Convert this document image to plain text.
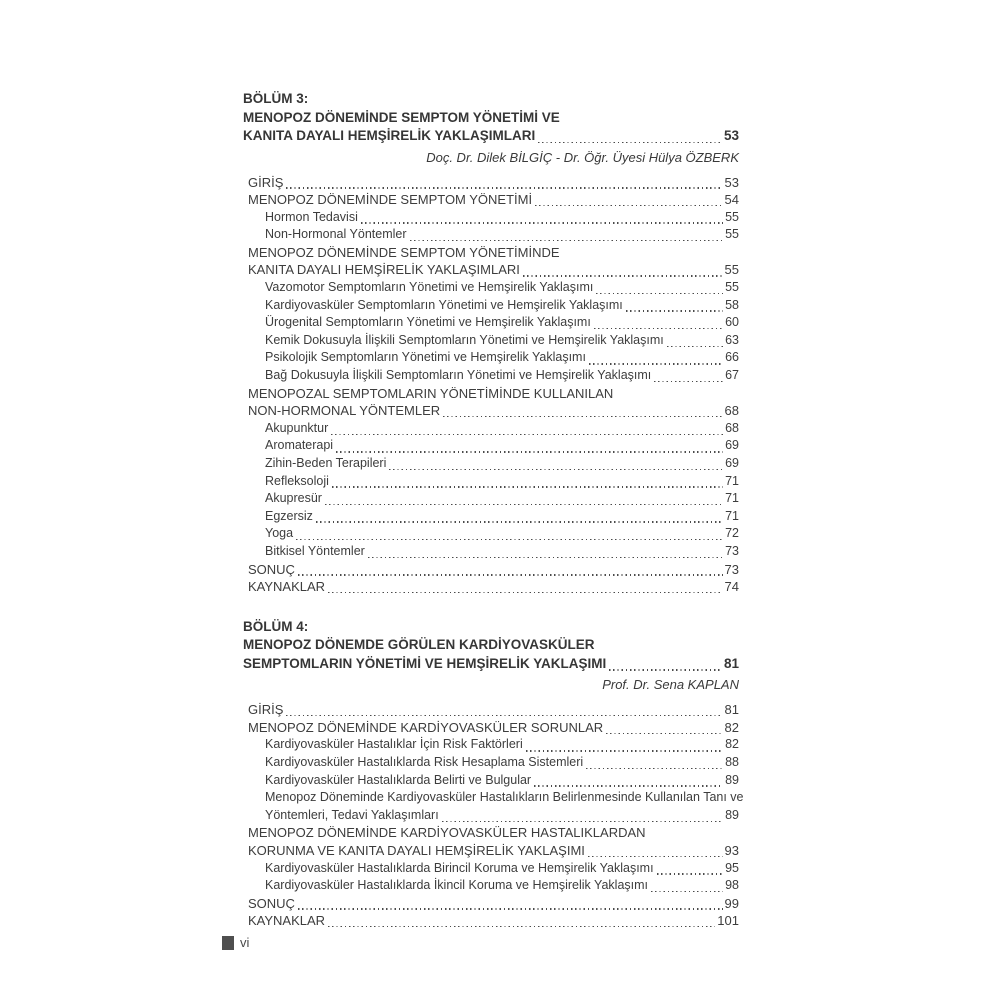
BÖLÜM 3:
MENOPOZ DÖNEMİNDE SEMPTOM YÖNETİMİ VE
KANITA DAYALI HEMŞİRELİK YAKLAŞIMLARI	53
Doç. Dr. Dilek BİLGİÇ - Dr. Öğr. Üyesi Hülya ÖZBERK
GİRİŞ	53
MENOPOZ DÖNEMİNDE SEMPTOM YÖNETİMİ	54
Hormon Tedavisi	55
Non-Hormonal Yöntemler	55
MENOPOZ DÖNEMİNDE SEMPTOM YÖNETİMİNDE
KANITA DAYALI HEMŞİRELİK YAKLAŞIMLARI	55
Vazomotor Semptomların Yönetimi ve Hemşirelik Yaklaşımı	55
Kardiyovasküler Semptomların Yönetimi ve Hemşirelik Yaklaşımı	58
Ürogenital Semptomların Yönetimi ve Hemşirelik Yaklaşımı	60
Kemik Dokusuyla İlişkili Semptomların Yönetimi ve Hemşirelik Yaklaşımı	63
Psikolojik Semptomların Yönetimi ve Hemşirelik Yaklaşımı	66
Bağ Dokusuyla İlişkili Semptomların Yönetimi ve Hemşirelik Yaklaşımı	67
MENOPOZAL SEMPTOMLARIN YÖNETİMİNDE KULLANILAN
NON-HORMONAL YÖNTEMLER	68
Akupunktur	68
Aromaterapi	69
Zihin-Beden Terapileri	69
Refleksoloji	71
Akupresür	71
Egzersiz	71
Yoga	72
Bitkisel Yöntemler	73
SONUÇ	73
KAYNAKLAR	74
BÖLÜM 4:
MENOPOZ DÖNEMDE GÖRÜLEN KARDİYOVASKÜLER
SEMPTOMLARIN YÖNETİMİ VE HEMŞİRELİK YAKLAŞIMI	81
Prof. Dr. Sena KAPLAN
GİRİŞ	81
MENOPOZ DÖNEMİNDE KARDİYOVASKÜLER SORUNLAR	82
Kardiyovasküler Hastalıklar İçin Risk Faktörleri	82
Kardiyovasküler Hastalıklarda Risk Hesaplama Sistemleri	88
Kardiyovasküler Hastalıklarda Belirti ve Bulgular	89
Menopoz Döneminde Kardiyovasküler Hastalıkların Belirlenmesinde Kullanılan Tanı ve
Yöntemleri, Tedavi Yaklaşımları	89
MENOPOZ DÖNEMİNDE KARDİYOVASKÜLER HASTALIKLARDAN
KORUNMA VE KANITA DAYALI HEMŞİRELİK YAKLAŞIMI	93
Kardiyovasküler Hastalıklarda Birincil Koruma ve Hemşirelik Yaklaşımı	95
Kardiyovasküler Hastalıklarda İkincil Koruma ve Hemşirelik Yaklaşımı	98
SONUÇ	99
KAYNAKLAR	101
vi
